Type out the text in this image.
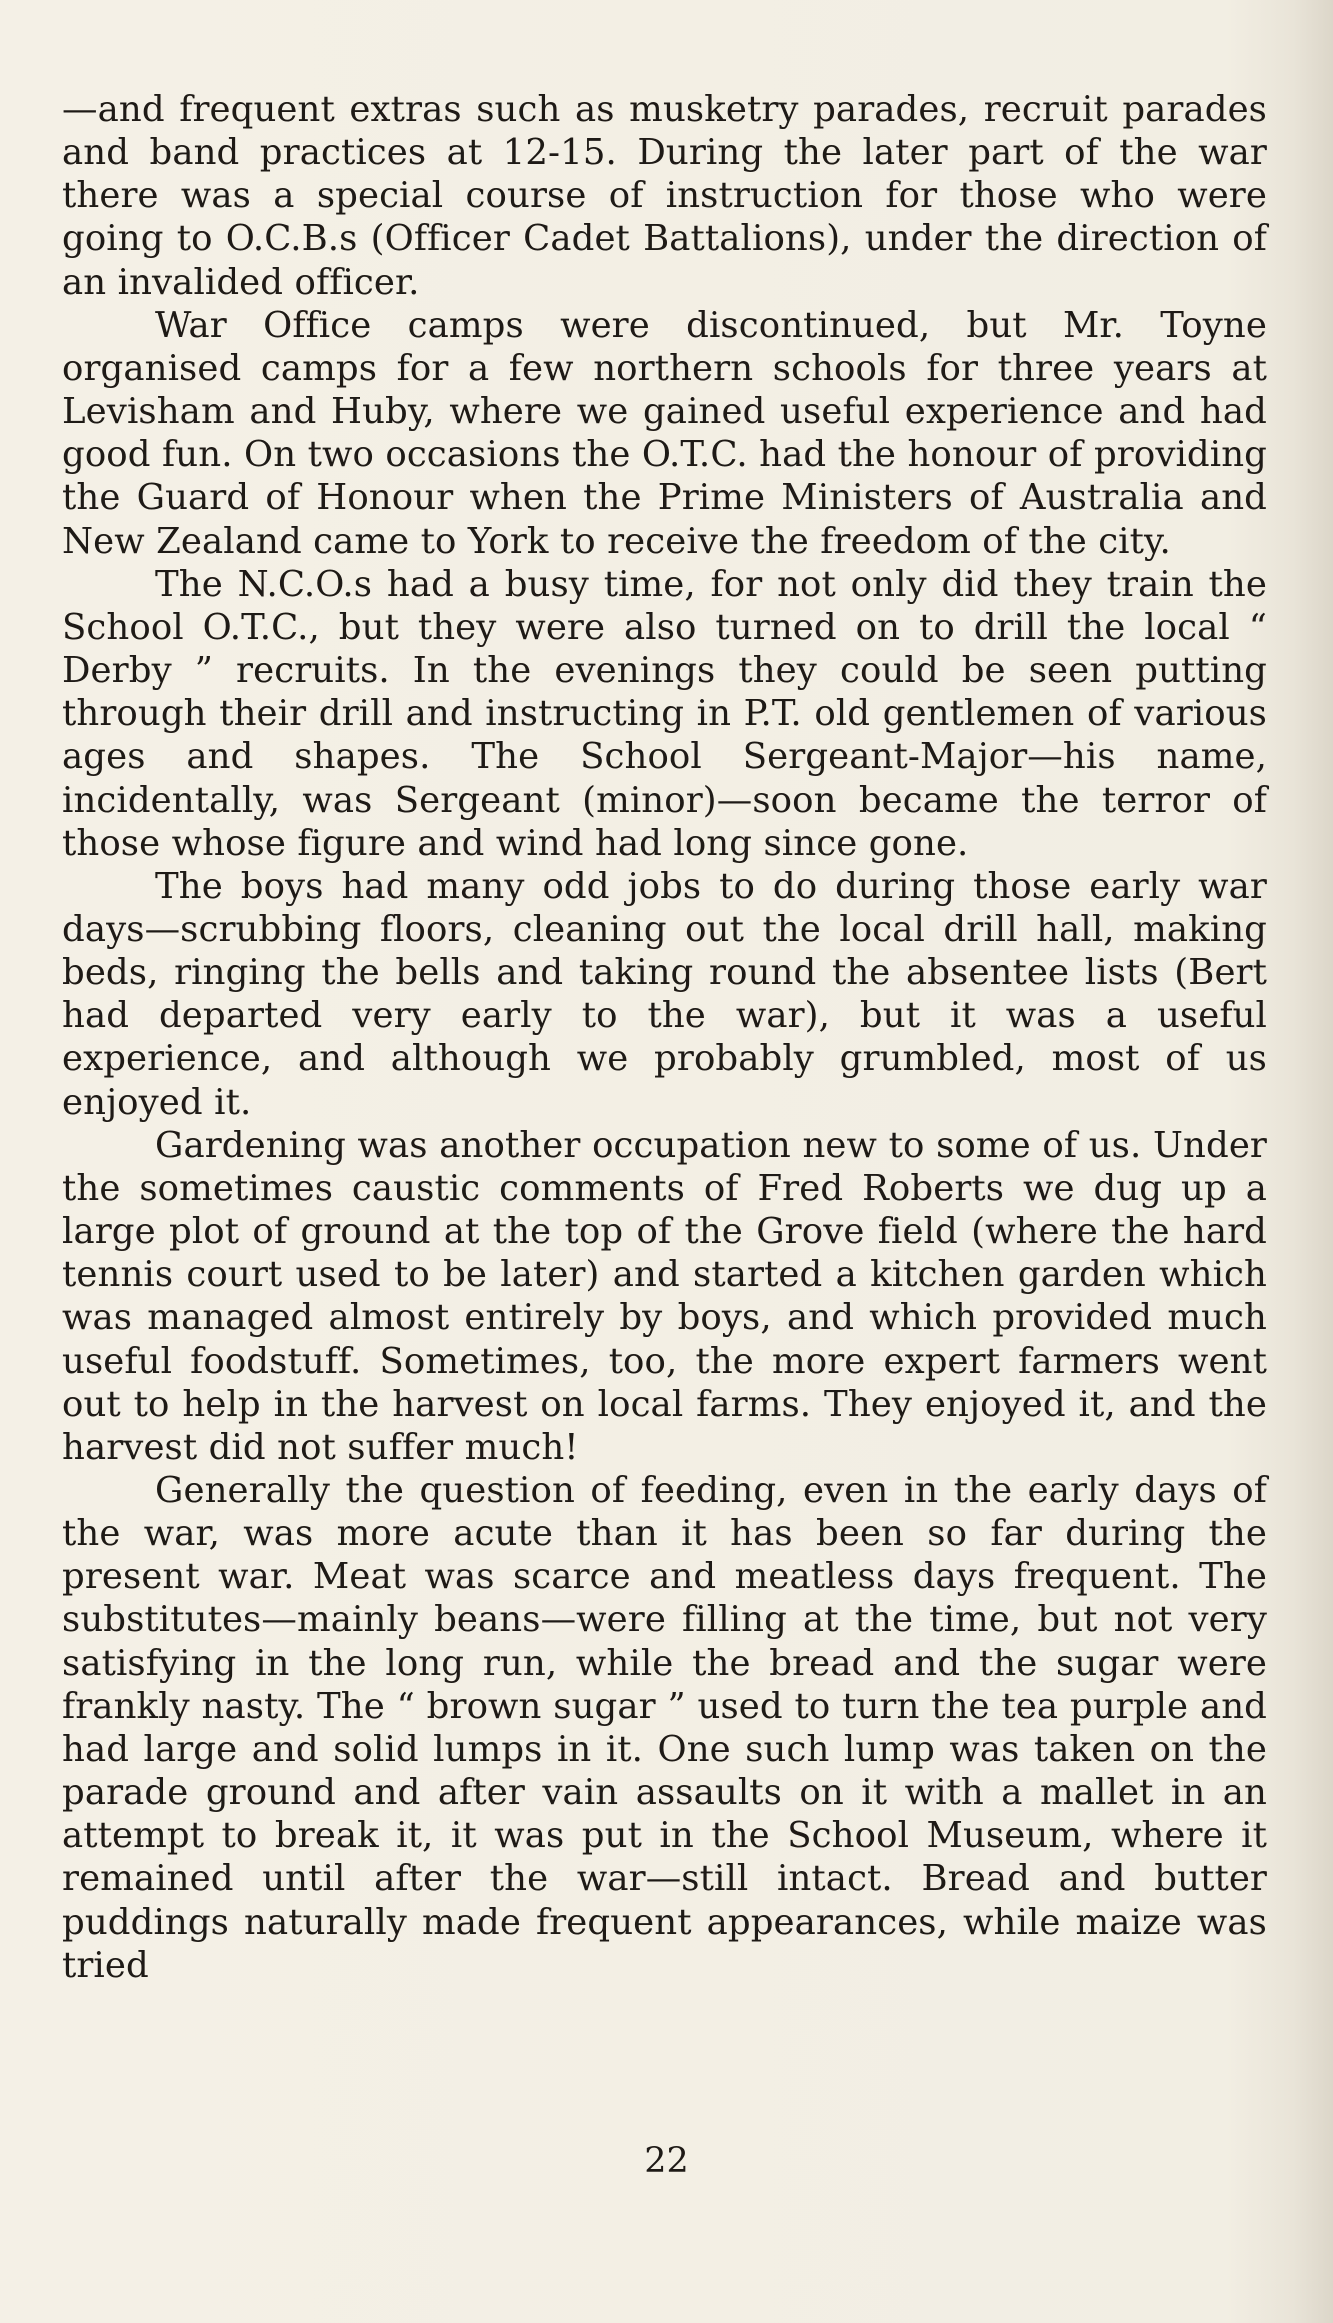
—and frequent extras such as musketry parades, recruit parades and band practices at 12-15. During the later part of the war there was a special course of instruction for those who were going to O.C.B.s (Officer Cadet Battalions), under the direction of an invalided officer.

War Office camps were discontinued, but Mr. Toyne organised camps for a few northern schools for three years at Levisham and Huby, where we gained useful experience and had good fun. On two occasions the O.T.C. had the honour of providing the Guard of Honour when the Prime Ministers of Australia and New Zealand came to York to receive the freedom of the city.

The N.C.O.s had a busy time, for not only did they train the School O.T.C., but they were also turned on to drill the local “ Derby ” recruits. In the evenings they could be seen putting through their drill and instructing in P.T. old gentlemen of various ages and shapes. The School Sergeant-Major—his name, incidentally, was Sergeant (minor)—soon became the terror of those whose figure and wind had long since gone.

The boys had many odd jobs to do during those early war days—scrubbing floors, cleaning out the local drill hall, making beds, ringing the bells and taking round the absentee lists (Bert had departed very early to the war), but it was a useful experience, and although we probably grumbled, most of us enjoyed it.

Gardening was another occupation new to some of us. Under the sometimes caustic comments of Fred Roberts we dug up a large plot of ground at the top of the Grove field (where the hard tennis court used to be later) and started a kitchen garden which was managed almost entirely by boys, and which provided much useful foodstuff. Sometimes, too, the more expert farmers went out to help in the harvest on local farms. They enjoyed it, and the harvest did not suffer much!

Generally the question of feeding, even in the early days of the war, was more acute than it has been so far during the present war. Meat was scarce and meatless days frequent. The substitutes—mainly beans—were filling at the time, but not very satisfying in the long run, while the bread and the sugar were frankly nasty. The “ brown sugar ” used to turn the tea purple and had large and solid lumps in it. One such lump was taken on the parade ground and after vain assaults on it with a mallet in an attempt to break it, it was put in the School Museum, where it remained until after the war—still intact. Bread and butter puddings naturally made frequent appearances, while maize was tried

22
